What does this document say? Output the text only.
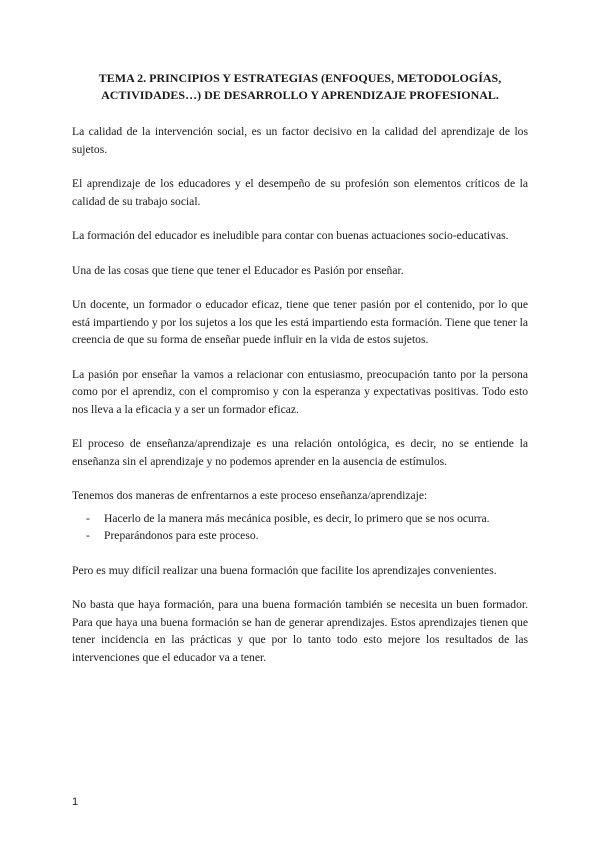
TEMA 2. PRINCIPIOS Y ESTRATEGIAS (ENFOQUES, METODOLOGÍAS, ACTIVIDADES…) DE DESARROLLO Y APRENDIZAJE PROFESIONAL.

La calidad de la intervención social, es un factor decisivo en la calidad del aprendizaje de los sujetos.

El aprendizaje de los educadores y el desempeño de su profesión son elementos críticos de la calidad de su trabajo social.

La formación del educador es ineludible para contar con buenas actuaciones socio-educativas.

Una de las cosas que tiene que tener el Educador es Pasión por enseñar.

Un docente, un formador o educador eficaz, tiene que tener pasión por el contenido, por lo que está impartiendo y por los sujetos a los que les está impartiendo esta formación. Tiene que tener la creencia de que su forma de enseñar puede influir en la vida de estos sujetos.

La pasión por enseñar la vamos a relacionar con entusiasmo, preocupación tanto por la persona como por el aprendiz, con el compromiso y con la esperanza y expectativas positivas. Todo esto nos lleva a la eficacia y a ser un formador eficaz.

El proceso de enseñanza/aprendizaje es una relación ontológica, es decir, no se entiende la enseñanza sin el aprendizaje y no podemos aprender en la ausencia de estímulos.

Tenemos dos maneras de enfrentarnos a este proceso enseñanza/aprendizaje:

- Hacerlo de la manera más mecánica posible, es decir, lo primero que se nos ocurra.
- Preparándonos para este proceso.

Pero es muy difícil realizar una buena formación que facilite los aprendizajes convenientes.

No basta que haya formación, para una buena formación también se necesita un buen formador. Para que haya una buena formación se han de generar aprendizajes. Estos aprendizajes tienen que tener incidencia en las prácticas y que por lo tanto todo esto mejore los resultados de las intervenciones que el educador va a tener.

1
